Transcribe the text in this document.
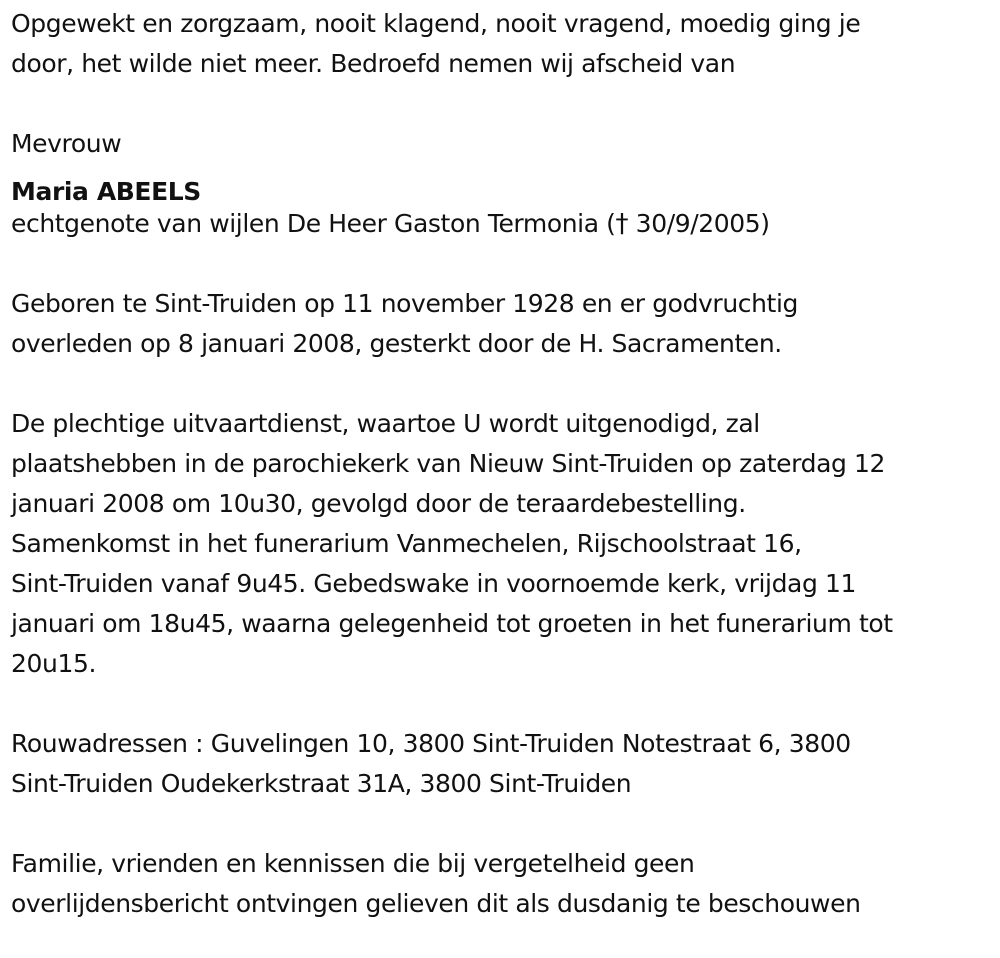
Opgewekt en zorgzaam, nooit klagend, nooit vragend, moedig ging je

door, het wilde niet meer. Bedroefd nemen wij afscheid van

Mevrouw

Maria ABEELS

echtgenote van wijlen De Heer Gaston Termonia († 30/9/2005)

Geboren te Sint-Truiden op 11 november 1928 en er godvruchtig

overleden op 8 januari 2008, gesterkt door de H. Sacramenten.

De plechtige uitvaartdienst, waartoe U wordt uitgenodigd, zal

plaatshebben in de parochiekerk van Nieuw Sint-Truiden op zaterdag 12

januari 2008 om 10u30, gevolgd door de teraardebestelling.

Samenkomst in het funerarium Vanmechelen, Rijschoolstraat 16,

Sint-Truiden vanaf 9u45. Gebedswake in voornoemde kerk, vrijdag 11

januari om 18u45, waarna gelegenheid tot groeten in het funerarium tot

20u15.

Rouwadressen : Guvelingen 10, 3800 Sint-Truiden Notestraat 6, 3800

Sint-Truiden Oudekerkstraat 31A, 3800 Sint-Truiden

Familie, vrienden en kennissen die bij vergetelheid geen

overlijdensbericht ontvingen gelieven dit als dusdanig te beschouwen
